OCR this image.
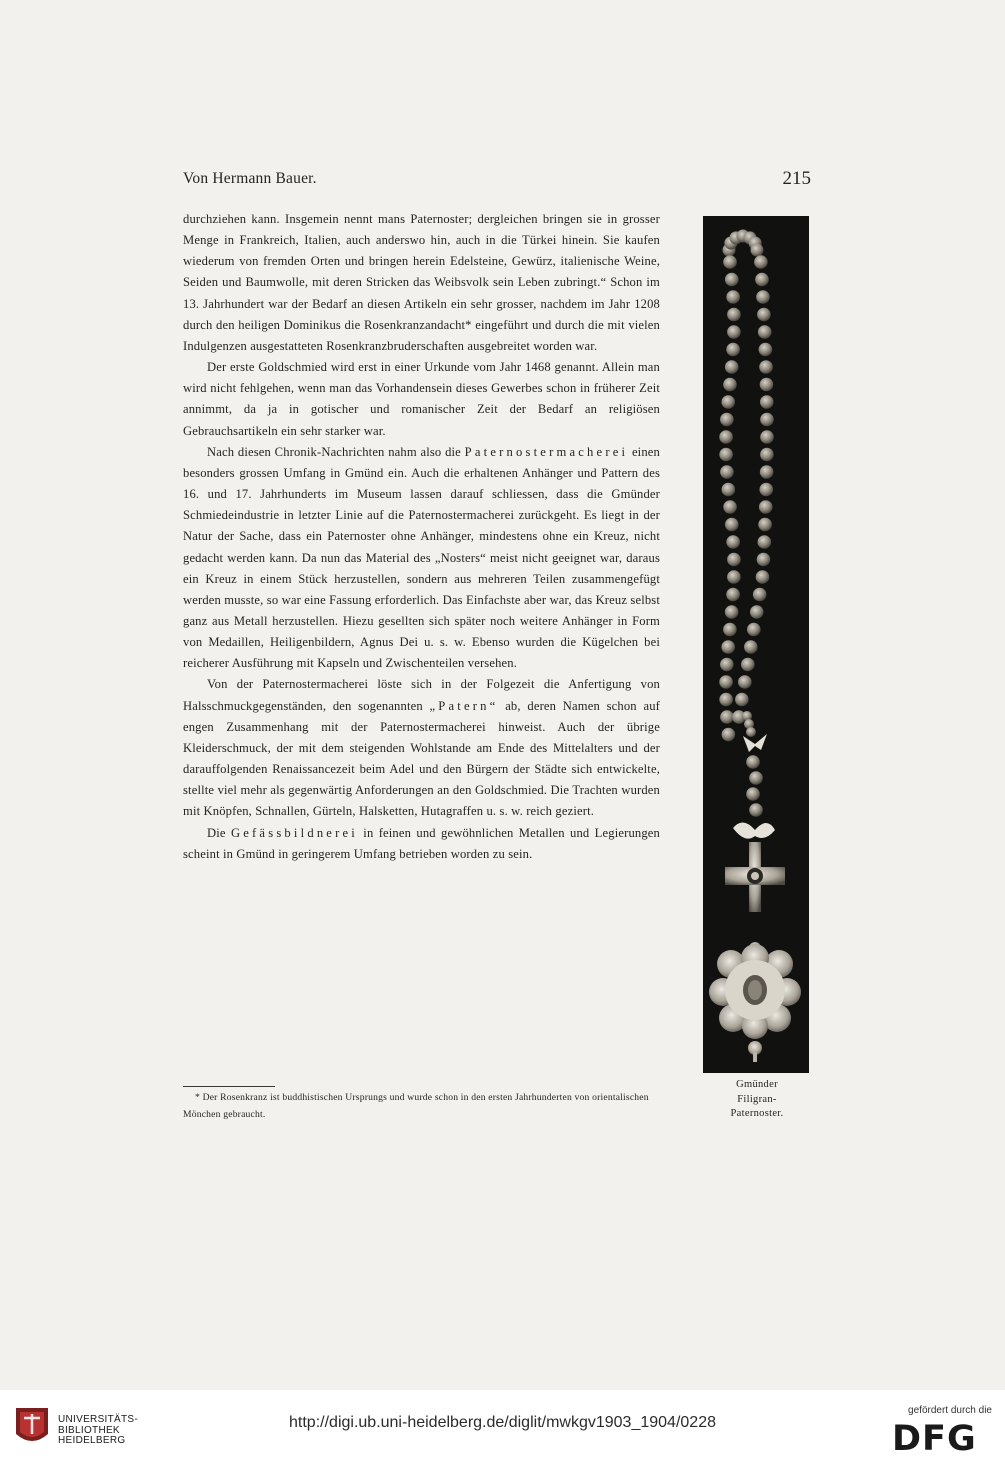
Von Hermann Bauer.	215

durchziehen kann. Insgemein nennt mans Paternoster; dergleichen bringen sie in grosser Menge in Frankreich, Italien, auch anderswo hin, auch in die Türkei hinein. Sie kaufen wiederum von fremden Orten und bringen herein Edelsteine, Gewürz, italienische Weine, Seiden und Baumwolle, mit deren Stricken das Weibsvolk sein Leben zubringt.“ Schon im 13. Jahrhundert war der Bedarf an diesen Artikeln ein sehr grosser, nachdem im Jahr 1208 durch den heiligen Dominikus die Rosenkranzandacht* eingeführt und durch die mit vielen Indulgenzen ausgestatteten Rosenkranzbruderschaften ausgebreitet worden war.

Der erste Goldschmied wird erst in einer Urkunde vom Jahr 1468 genannt. Allein man wird nicht fehlgehen, wenn man das Vorhandensein dieses Gewerbes schon in früherer Zeit annimmt, da ja in gotischer und romanischer Zeit der Bedarf an religiösen Gebrauchsartikeln ein sehr starker war.

Nach diesen Chronik-Nachrichten nahm also die Paternostermacherei einen besonders grossen Umfang in Gmünd ein. Auch die erhaltenen Anhänger und Pattern des 16. und 17. Jahrhunderts im Museum lassen darauf schliessen, dass die Gmünder Schmiedeindustrie in letzter Linie auf die Paternostermacherei zurückgeht. Es liegt in der Natur der Sache, dass ein Paternoster ohne Anhänger, mindestens ohne ein Kreuz, nicht gedacht werden kann. Da nun das Material des „Nosters“ meist nicht geeignet war, daraus ein Kreuz in einem Stück herzustellen, sondern aus mehreren Teilen zusammengefügt werden musste, so war eine Fassung erforderlich. Das Einfachste aber war, das Kreuz selbst ganz aus Metall herzustellen. Hiezu gesellten sich später noch weitere Anhänger in Form von Medaillen, Heiligenbildern, Agnus Dei u. s. w. Ebenso wurden die Kügelchen bei reicherer Ausführung mit Kapseln und Zwischenteilen versehen.

Von der Paternostermacherei löste sich in der Folgezeit die Anfertigung von Halsschmuckgegenständen, den sogenannten „Patern“ ab, deren Namen schon auf engen Zusammenhang mit der Paternostermacherei hinweist. Auch der übrige Kleiderschmuck, der mit dem steigenden Wohlstande am Ende des Mittelalters und der darauffolgenden Renaissancezeit beim Adel und den Bürgern der Städte sich entwickelte, stellte viel mehr als gegenwärtig Anforderungen an den Goldschmied. Die Trachten wurden mit Knöpfen, Schnallen, Gürteln, Halsketten, Hutagraffen u. s. w. reich geziert.

Die Gefässbildnerei in feinen und gewöhnlichen Metallen und Legierungen scheint in Gmünd in geringerem Umfang betrieben worden zu sein.

* Der Rosenkranz ist buddhistischen Ursprungs und wurde schon in den ersten Jahrhunderten von orientalischen Mönchen gebraucht.
Gmünder
Filigran-
Paternoster.
UNIVERSITÄTS-
BIBLIOTHEK
HEIDELBERG
http://digi.ub.uni-heidelberg.de/diglit/mwkgv1903_1904/0228
gefördert durch die
DFG
